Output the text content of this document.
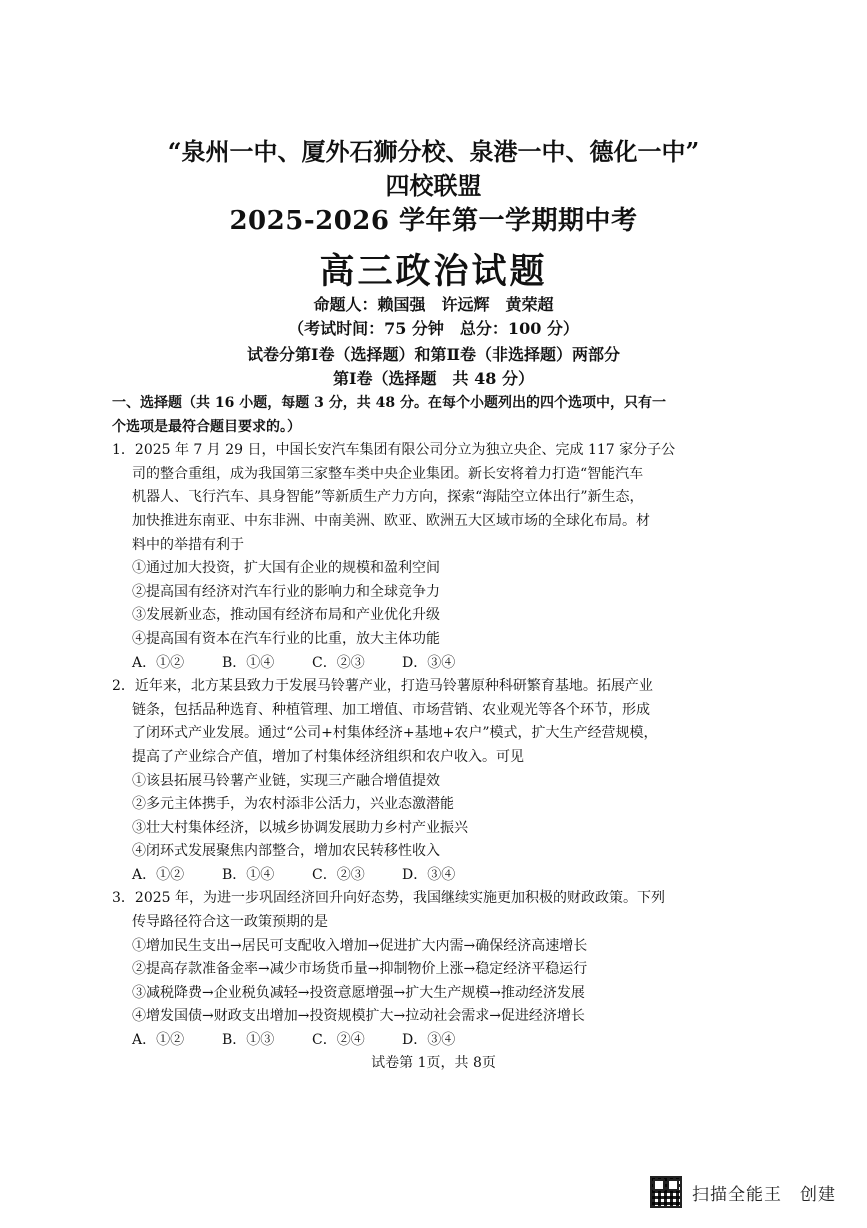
“泉州一中、厦外石狮分校、泉港一中、德化一中”
四校联盟
2025-2026 学年第一学期期中考
高三政治试题
命题人：赖国强　许远辉　黄荣超
（考试时间：75 分钟　总分：100 分）
试卷分第Ⅰ卷（选择题）和第Ⅱ卷（非选择题）两部分
第Ⅰ卷（选择题　共 48 分）

一、选择题（共 16 小题，每题 3 分，共 48 分。在每个小题列出的四个选项中，只有一

个选项是最符合题目要求的。）

1．2025 年 7 月 29 日，中国长安汽车集团有限公司分立为独立央企、完成 117 家分子公

司的整合重组，成为我国第三家整车类中央企业集团。新长安将着力打造“智能汽车

机器人、飞行汽车、具身智能”等新质生产力方向，探索“海陆空立体出行”新生态，

加快推进东南亚、中东非洲、中南美洲、欧亚、欧洲五大区域市场的全球化布局。材

料中的举措有利于

①通过加大投资，扩大国有企业的规模和盈利空间

②提高国有经济对汽车行业的影响力和全球竞争力

③发展新业态，推动国有经济布局和产业优化升级

④提高国有资本在汽车行业的比重，放大主体功能

A．①②	B．①④	C．②③	D．③④

2．近年来，北方某县致力于发展马铃薯产业，打造马铃薯原种科研繁育基地。拓展产业

链条，包括品种选育、种植管理、加工增值、市场营销、农业观光等各个环节，形成

了闭环式产业发展。通过“公司+村集体经济+基地+农户”模式，扩大生产经营规模，

提高了产业综合产值，增加了村集体经济组织和农户收入。可见

①该县拓展马铃薯产业链，实现三产融合增值提效

②多元主体携手，为农村添非公活力，兴业态激潜能

③壮大村集体经济，以城乡协调发展助力乡村产业振兴

④闭环式发展聚焦内部整合，增加农民转移性收入

A．①②	B．①④	C．②③	D．③④

3．2025 年，为进一步巩固经济回升向好态势，我国继续实施更加积极的财政政策。下列

传导路径符合这一政策预期的是

①增加民生支出→居民可支配收入增加→促进扩大内需→确保经济高速增长

②提高存款准备金率→减少市场货币量→抑制物价上涨→稳定经济平稳运行

③减税降费→企业税负减轻→投资意愿增强→扩大生产规模→推动经济发展

④增发国债→财政支出增加→投资规模扩大→拉动社会需求→促进经济增长

A．①②	B．①③	C．②④	D．③④

试卷第 1页，共 8页
扫描全能王　创建
